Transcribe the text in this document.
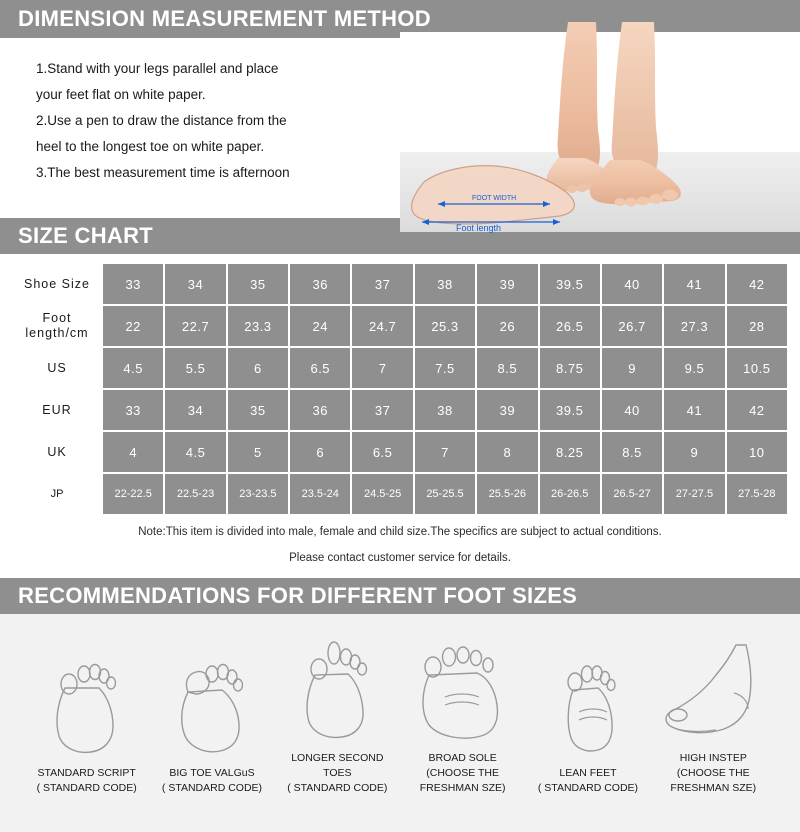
DIMENSION MEASUREMENT METHOD
1.Stand with your legs parallel and place
your feet flat on white paper.
2.Use a pen to draw the distance from the
heel to the longest toe on white paper.
3.The best measurement time is afternoon
FOOT WIDTH
Foot length
SIZE CHART
Shoe Size	33	34	35	36	37	38	39	39.5	40	41	42
Foot
length/cm	22	22.7	23.3	24	24.7	25.3	26	26.5	26.7	27.3	28
US	4.5	5.5	6	6.5	7	7.5	8.5	8.75	9	9.5	10.5
EUR	33	34	35	36	37	38	39	39.5	40	41	42
UK	4	4.5	5	6	6.5	7	8	8.25	8.5	9	10
JP	22-22.5	22.5-23	23-23.5	23.5-24	24.5-25	25-25.5	25.5-26	26-26.5	26.5-27	27-27.5	27.5-28
Note:This item is divided into male, female and child size.The specifics are subject to actual conditions.
Please contact customer service for details.
RECOMMENDATIONS FOR DIFFERENT FOOT SIZES
STANDARD SCRIPT
( STANDARD CODE)
BIG TOE VALGuS
( STANDARD CODE)
LONGER SECOND TOES
( STANDARD CODE)
BROAD SOLE
(CHOOSE THE FRESHMAN SZE)
LEAN FEET
( STANDARD CODE)
HIGH INSTEP
(CHOOSE THE FRESHMAN SZE)
